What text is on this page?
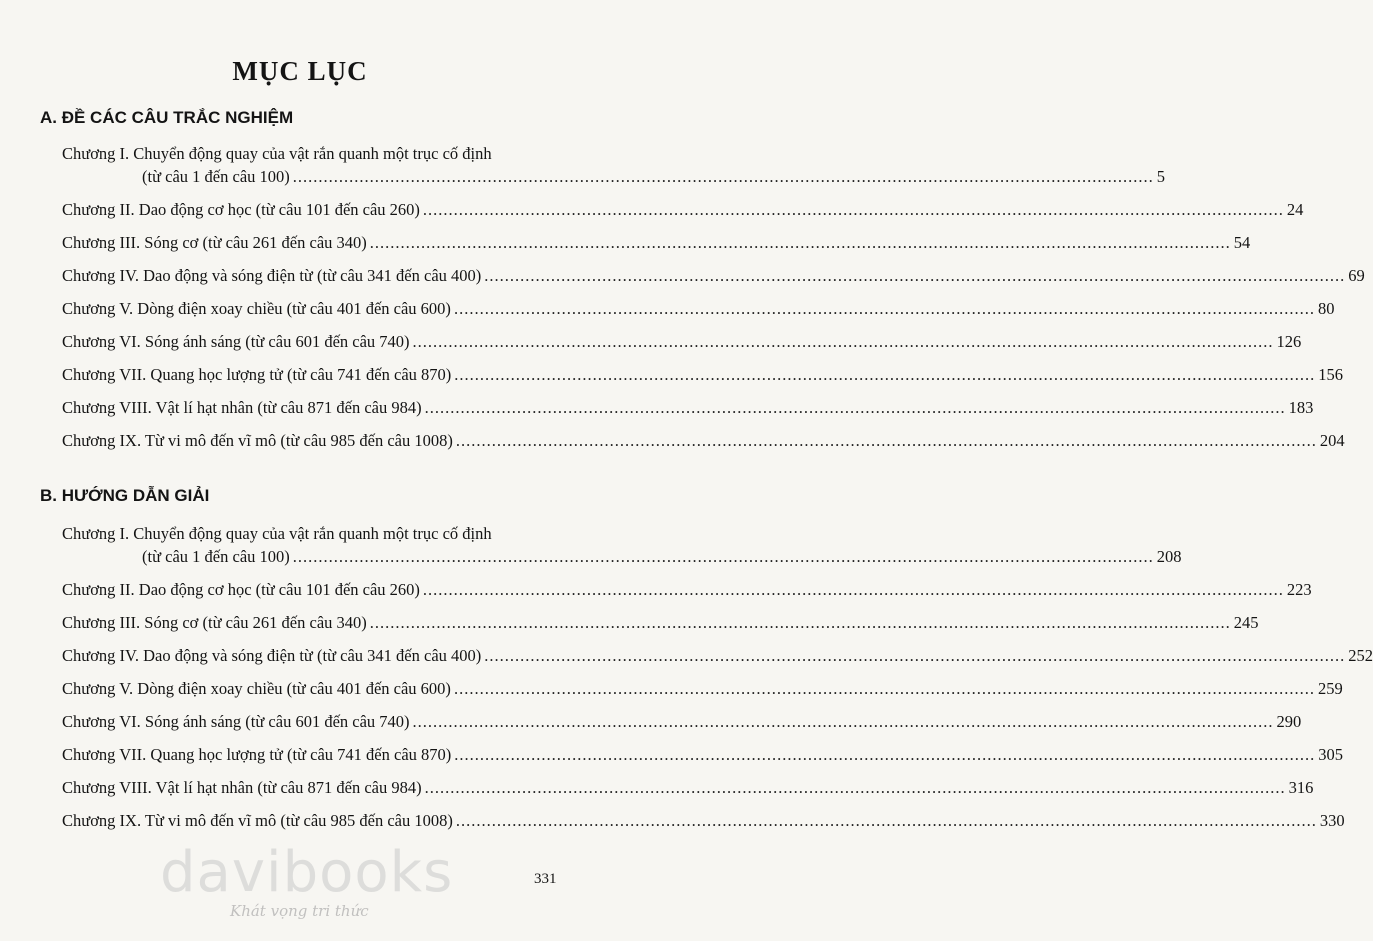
MỤC LỤC
A. ĐỀ CÁC CÂU TRẮC NGHIỆM
Chương I. Chuyển động quay của vật rắn quanh một trục cố định
(từ câu 1 đến câu 100) .....	5
Chương II. Dao động cơ học (từ câu 101 đến câu 260) .....	24
Chương III. Sóng cơ (từ câu 261 đến câu 340) .....	54
Chương IV. Dao động và sóng điện từ (từ câu 341 đến câu 400) .....	69
Chương V. Dòng điện xoay chiều (từ câu 401 đến câu 600) .....	80
Chương VI. Sóng ánh sáng (từ câu 601 đến câu 740) .....	126
Chương VII. Quang học lượng tử (từ câu 741 đến câu 870) .....	156
Chương VIII. Vật lí hạt nhân (từ câu 871 đến câu 984) .....	183
Chương IX. Từ vi mô đến vĩ mô (từ câu 985 đến câu 1008) .....	204
B. HƯỚNG DẪN GIẢI
Chương I. Chuyển động quay của vật rắn quanh một trục cố định
(từ câu 1 đến câu 100) .....	208
Chương II. Dao động cơ học (từ câu 101 đến câu 260) .....	223
Chương III. Sóng cơ (từ câu 261 đến câu 340) .....	245
Chương IV. Dao động và sóng điện từ (từ câu 341 đến câu 400) .....	252
Chương V. Dòng điện xoay chiều (từ câu 401 đến câu 600) .....	259
Chương VI. Sóng ánh sáng (từ câu 601 đến câu 740) .....	290
Chương VII. Quang học lượng tử (từ câu 741 đến câu 870) .....	305
Chương VIII. Vật lí hạt nhân (từ câu 871 đến câu 984) .....	316
Chương IX. Từ vi mô đến vĩ mô (từ câu 985 đến câu 1008) .....	330
davibooks
Khát vọng tri thức
331
